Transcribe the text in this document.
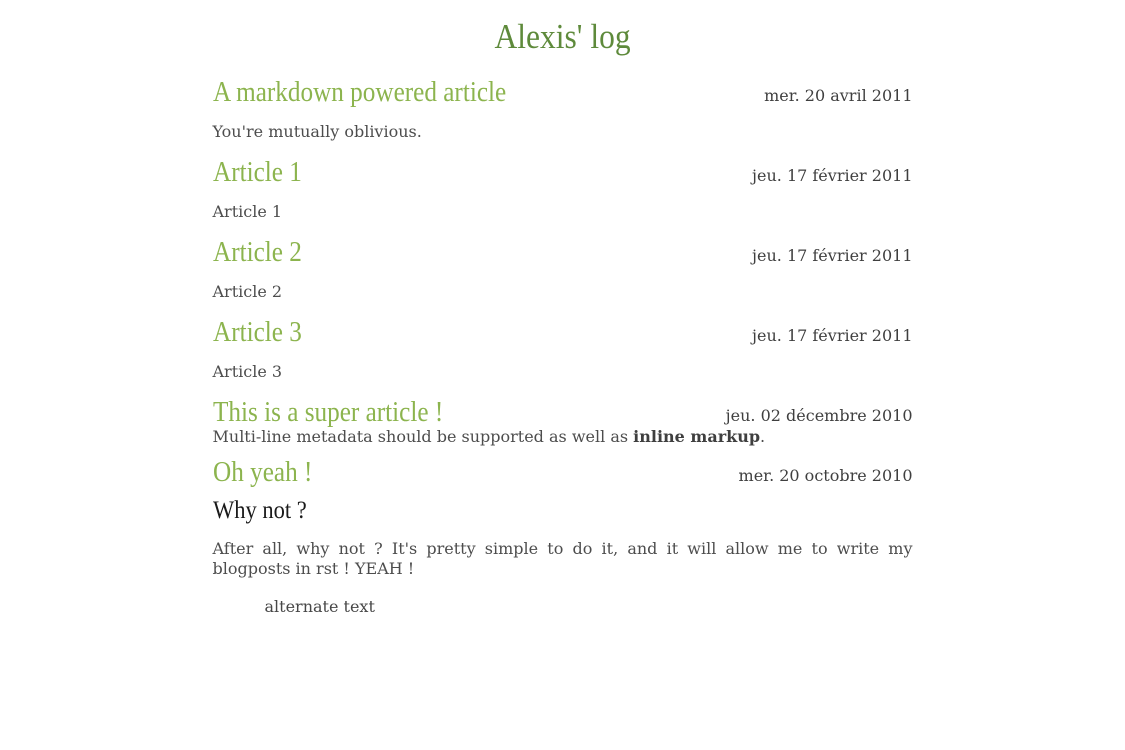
Alexis' log
A markdown powered article	mer. 20 avril 2011

You're mutually oblivious.

Article 1	jeu. 17 février 2011

Article 1

Article 2	jeu. 17 février 2011

Article 2

Article 3	jeu. 17 février 2011

Article 3

This is a super article !	jeu. 02 décembre 2010

Multi-line metadata should be supported as well as inline markup.

Oh yeah !	mer. 20 octobre 2010
Why not ?

After all, why not ? It's pretty simple to do it, and it will allow me to write my blogposts in rst ! YEAH !

alternate text
